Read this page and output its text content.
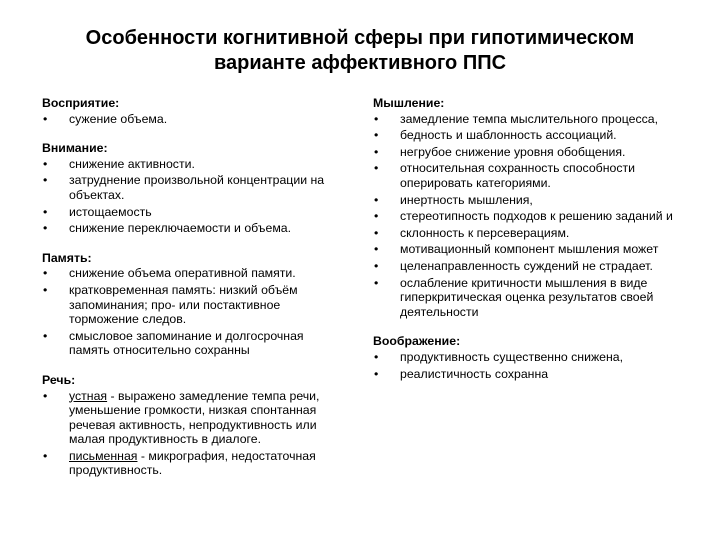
Особенности когнитивной сферы при гипотимическом
варианте аффективного ППС
Восприятие:
• сужение объема.
Внимание:
• снижение активности.
• затруднение произвольной концентрации на объектах.
• истощаемость
• снижение переключаемости и объема.
Память:
• снижение объема оперативной памяти.
• кратковременная память: низкий объём запоминания; про- или постактивное торможение следов.
• смысловое запоминание и долгосрочная память относительно сохранны
Речь:
• устная - выражено замедление темпа речи, уменьшение громкости, низкая спонтанная речевая активность, непродуктивность или малая продуктивность в диалоге.
• письменная - микрография, недостаточная продуктивность.
Мышление:
• замедление темпа мыслительного процесса,
• бедность и шаблонность ассоциаций.
• негрубое снижение уровня обобщения.
• относительная сохранность способности оперировать категориями.
• инертность мышления,
• стереотипность подходов к решению заданий и
• склонность к персеверациям.
• мотивационный компонент мышления может
• целенаправленность суждений не страдает.
• ослабление критичности мышления в виде гиперкритическая оценка результатов своей деятельности
Воображение:
• продуктивность существенно снижена,
• реалистичность сохранна
